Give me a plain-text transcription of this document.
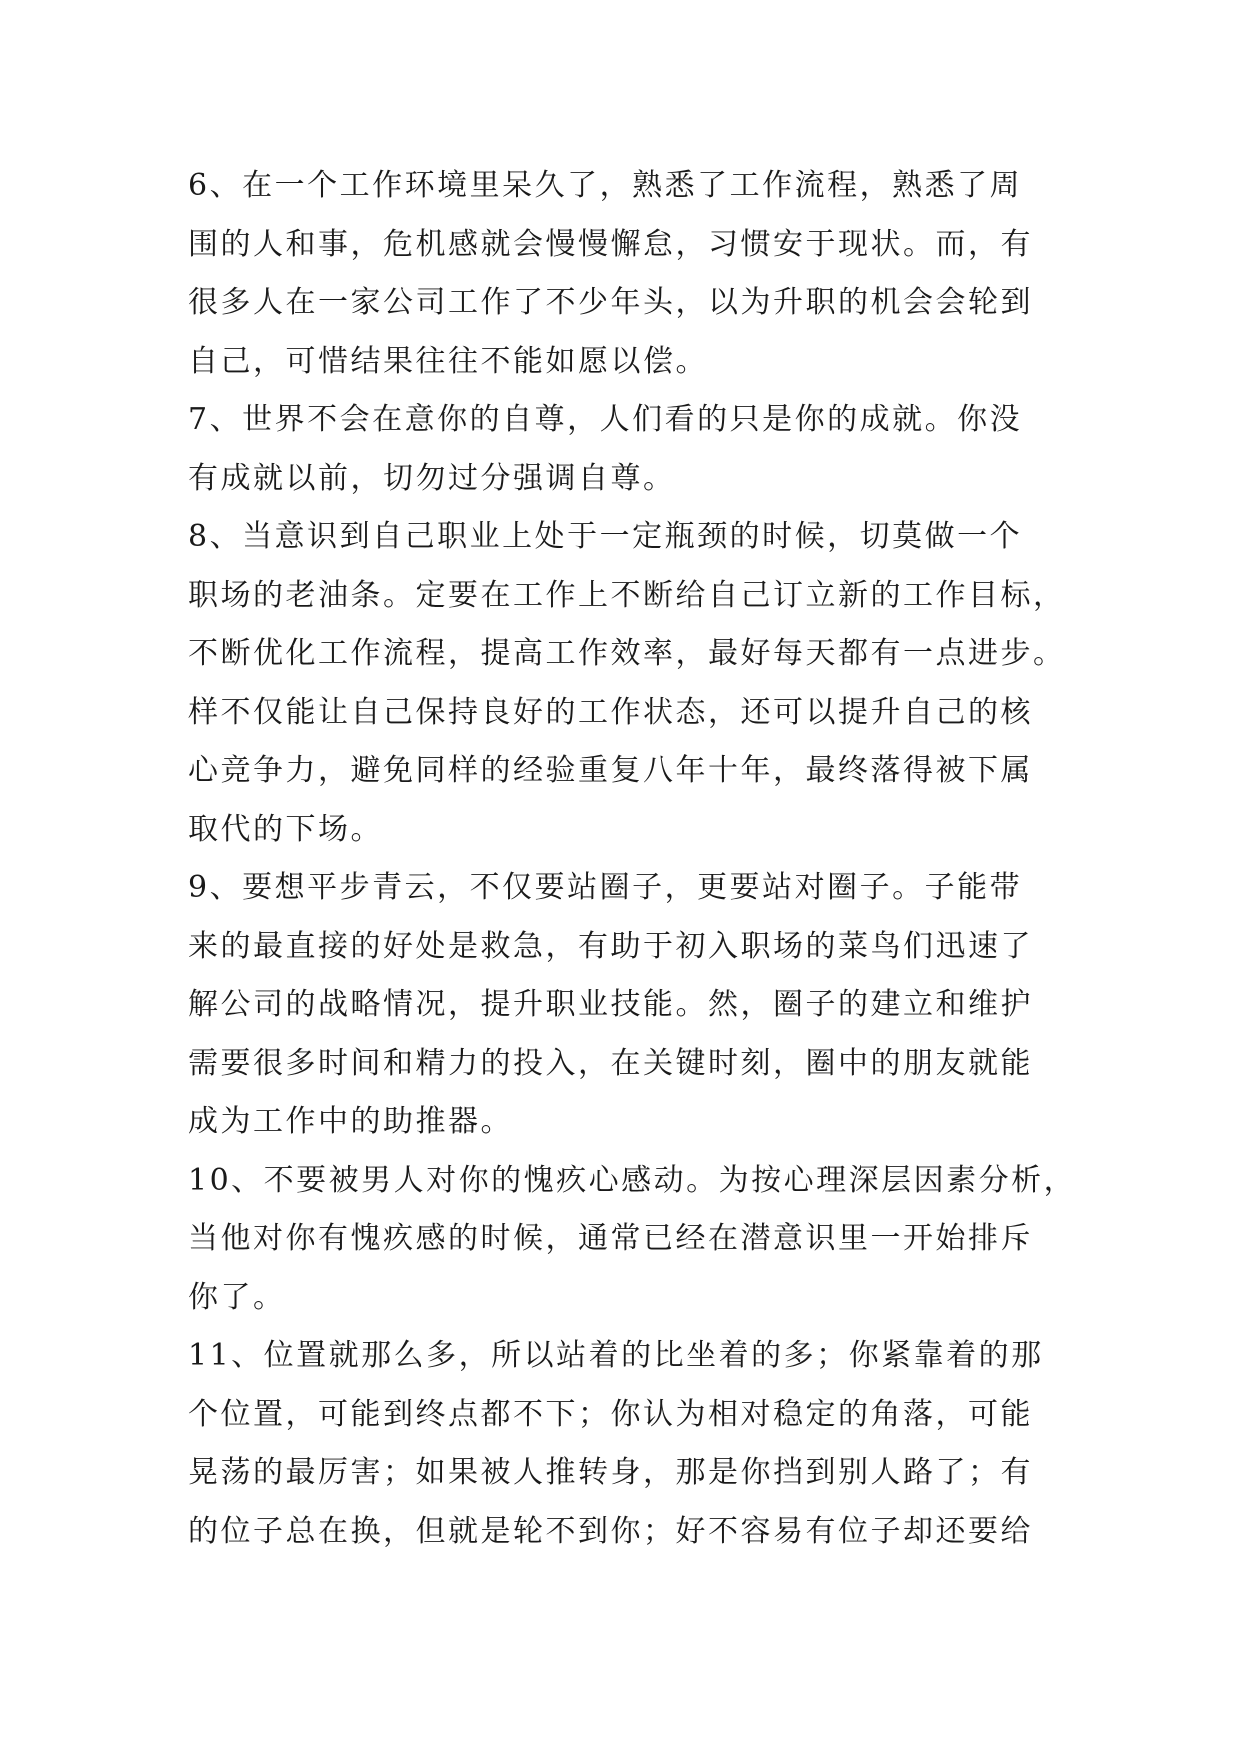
6、在一个工作环境里呆久了，熟悉了工作流程，熟悉了周
围的人和事，危机感就会慢慢懈怠，习惯安于现状。而，有
很多人在一家公司工作了不少年头，以为升职的机会会轮到
自己，可惜结果往往不能如愿以偿。
7、世界不会在意你的自尊，人们看的只是你的成就。你没
有成就以前，切勿过分强调自尊。
8、当意识到自己职业上处于一定瓶颈的时候，切莫做一个
职场的老油条。定要在工作上不断给自己订立新的工作目标，
不断优化工作流程，提高工作效率，最好每天都有一点进步。
样不仅能让自己保持良好的工作状态，还可以提升自己的核
心竞争力，避免同样的经验重复八年十年，最终落得被下属
取代的下场。
9、要想平步青云，不仅要站圈子，更要站对圈子。子能带
来的最直接的好处是救急，有助于初入职场的菜鸟们迅速了
解公司的战略情况，提升职业技能。然，圈子的建立和维护
需要很多时间和精力的投入，在关键时刻，圈中的朋友就能
成为工作中的助推器。
10、不要被男人对你的愧疚心感动。为按心理深层因素分析，
当他对你有愧疚感的时候，通常已经在潜意识里一开始排斥
你了。
11、位置就那么多，所以站着的比坐着的多；你紧靠着的那
个位置，可能到终点都不下；你认为相对稳定的角落，可能
晃荡的最厉害；如果被人推转身，那是你挡到别人路了；有
的位子总在换，但就是轮不到你；好不容易有位子却还要给
